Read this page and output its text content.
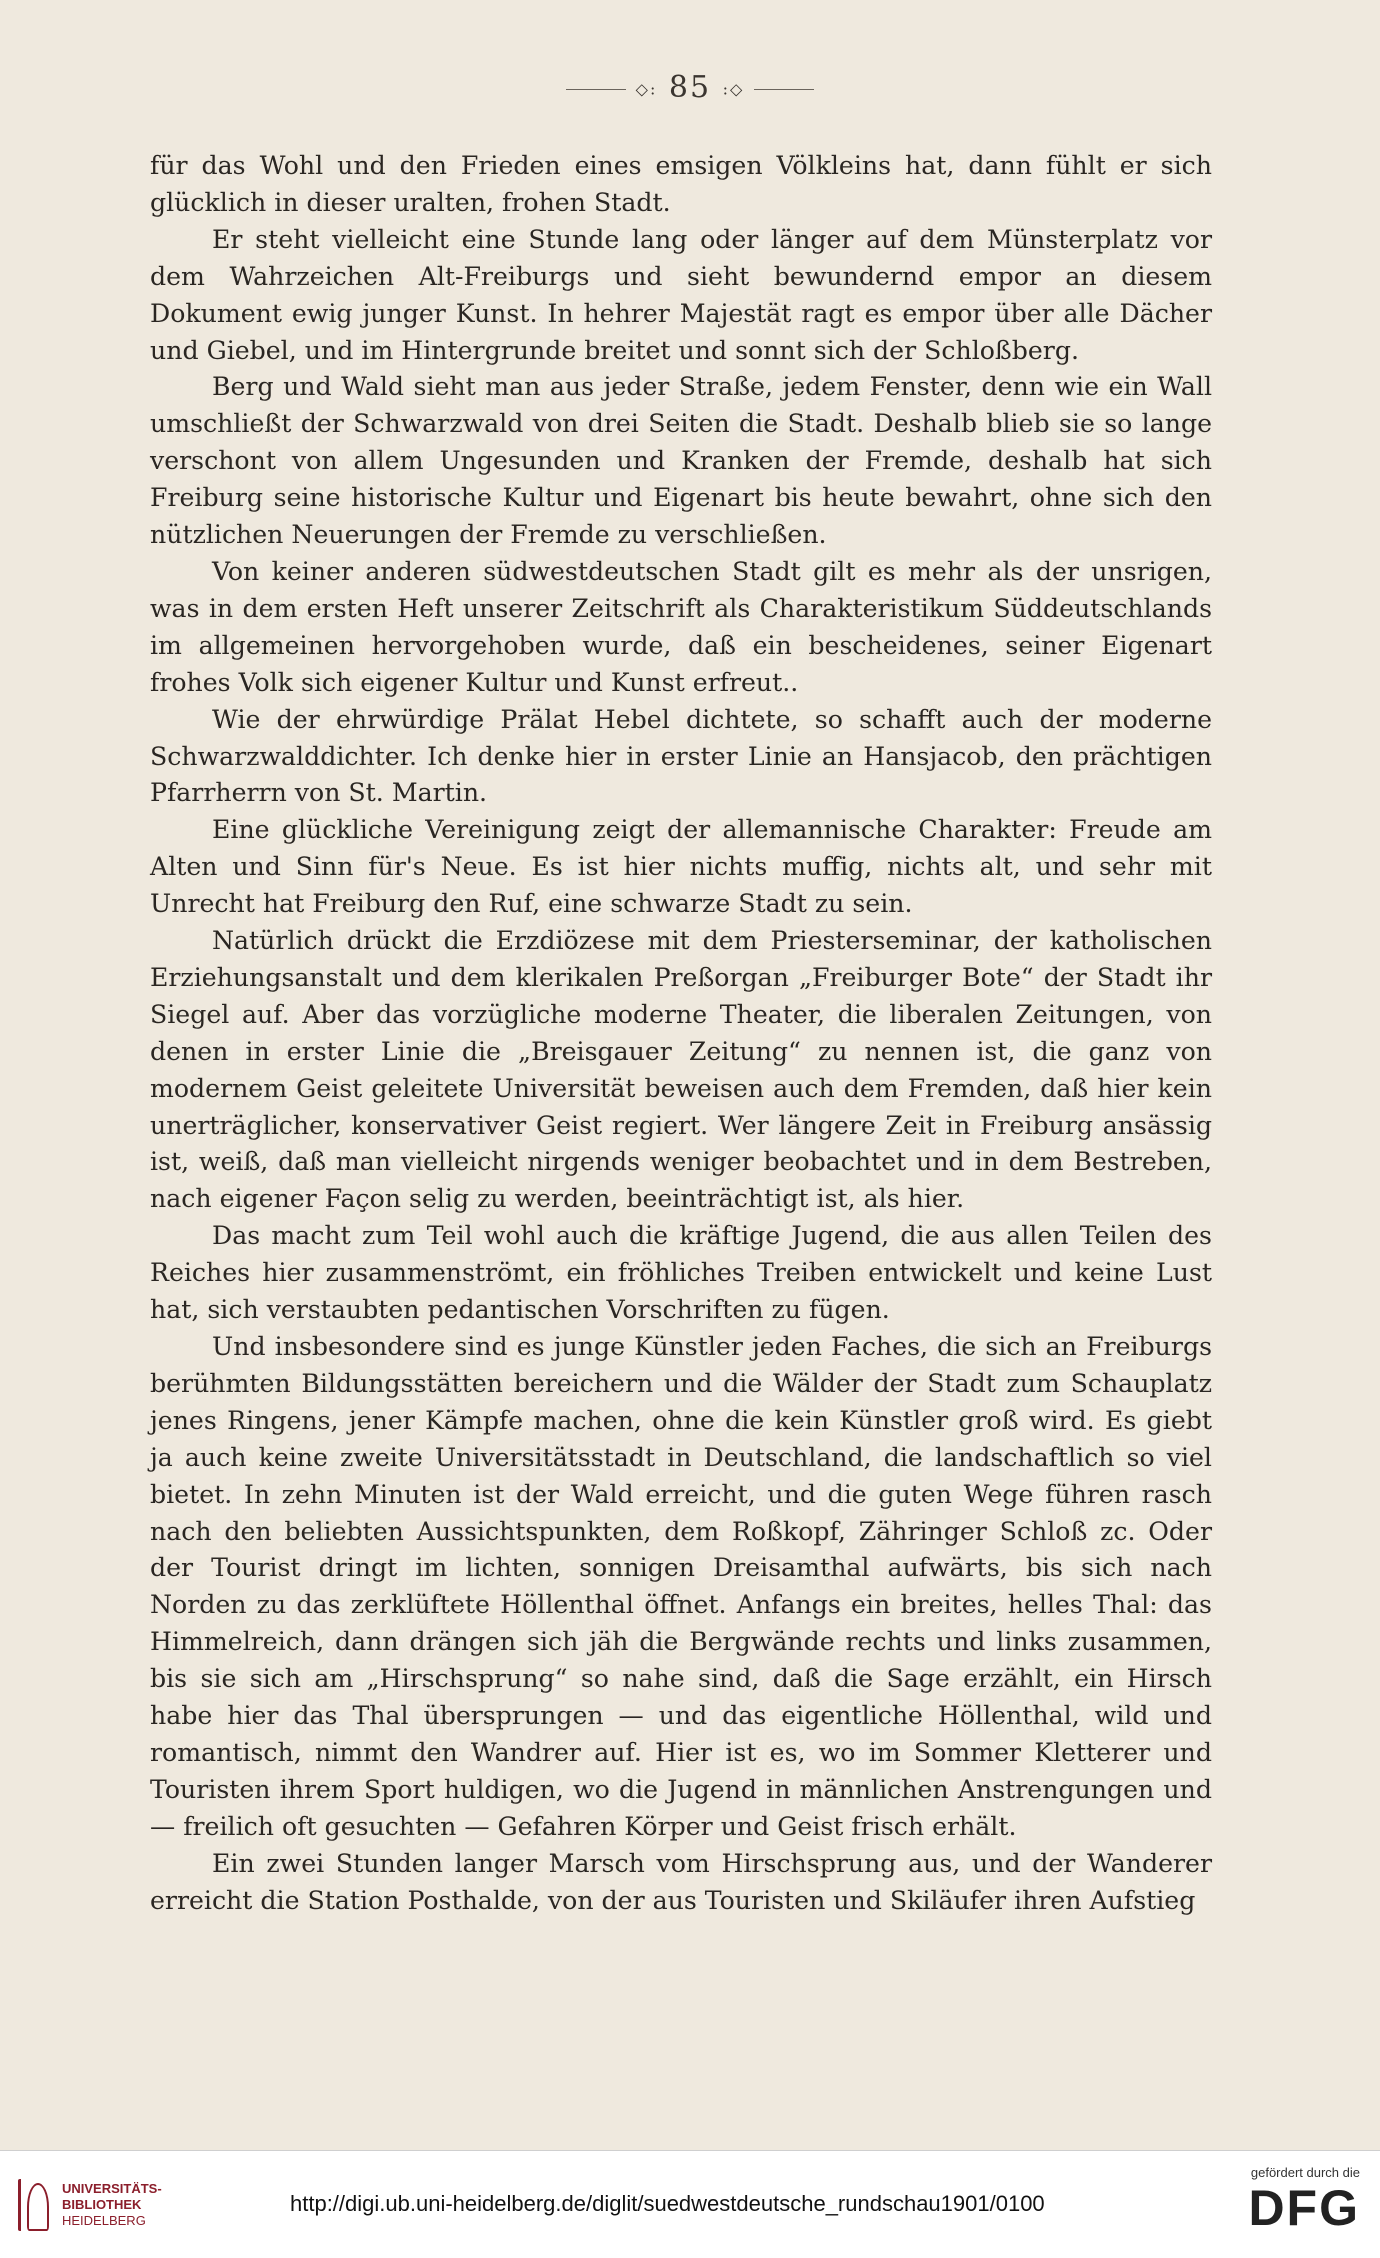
◇: 85 :◇

für das Wohl und den Frieden eines emsigen Völkleins hat, dann fühlt er sich glücklich in dieser uralten, frohen Stadt.

Er steht vielleicht eine Stunde lang oder länger auf dem Münsterplatz vor dem Wahrzeichen Alt-Freiburgs und sieht bewundernd empor an diesem Dokument ewig junger Kunst. In hehrer Majestät ragt es empor über alle Dächer und Giebel, und im Hintergrunde breitet und sonnt sich der Schloßberg.

Berg und Wald sieht man aus jeder Straße, jedem Fenster, denn wie ein Wall umschließt der Schwarzwald von drei Seiten die Stadt. Deshalb blieb sie so lange verschont von allem Ungesunden und Kranken der Fremde, deshalb hat sich Freiburg seine historische Kultur und Eigenart bis heute bewahrt, ohne sich den nützlichen Neuerungen der Fremde zu verschließen.

Von keiner anderen südwestdeutschen Stadt gilt es mehr als der unsrigen, was in dem ersten Heft unserer Zeitschrift als Charakteristikum Süddeutschlands im allgemeinen hervorgehoben wurde, daß ein bescheidenes, seiner Eigenart frohes Volk sich eigener Kultur und Kunst erfreut..

Wie der ehrwürdige Prälat Hebel dichtete, so schafft auch der moderne Schwarzwalddichter. Ich denke hier in erster Linie an Hansjacob, den prächtigen Pfarrherrn von St. Martin.

Eine glückliche Vereinigung zeigt der allemannische Charakter: Freude am Alten und Sinn für's Neue. Es ist hier nichts muffig, nichts alt, und sehr mit Unrecht hat Freiburg den Ruf, eine schwarze Stadt zu sein.

Natürlich drückt die Erzdiözese mit dem Priesterseminar, der katholischen Erziehungsanstalt und dem klerikalen Preßorgan „Freiburger Bote“ der Stadt ihr Siegel auf. Aber das vorzügliche moderne Theater, die liberalen Zeitungen, von denen in erster Linie die „Breisgauer Zeitung“ zu nennen ist, die ganz von modernem Geist geleitete Universität beweisen auch dem Fremden, daß hier kein unerträglicher, konservativer Geist regiert. Wer längere Zeit in Freiburg ansässig ist, weiß, daß man vielleicht nirgends weniger beobachtet und in dem Bestreben, nach eigener Façon selig zu werden, beeinträchtigt ist, als hier.

Das macht zum Teil wohl auch die kräftige Jugend, die aus allen Teilen des Reiches hier zusammenströmt, ein fröhliches Treiben entwickelt und keine Lust hat, sich verstaubten pedantischen Vorschriften zu fügen.

Und insbesondere sind es junge Künstler jeden Faches, die sich an Freiburgs berühmten Bildungsstätten bereichern und die Wälder der Stadt zum Schauplatz jenes Ringens, jener Kämpfe machen, ohne die kein Künstler groß wird. Es giebt ja auch keine zweite Universitätsstadt in Deutschland, die landschaftlich so viel bietet. In zehn Minuten ist der Wald erreicht, und die guten Wege führen rasch nach den beliebten Aussichtspunkten, dem Roßkopf, Zähringer Schloß zc. Oder der Tourist dringt im lichten, sonnigen Dreisamthal aufwärts, bis sich nach Norden zu das zerklüftete Höllenthal öffnet. Anfangs ein breites, helles Thal: das Himmelreich, dann drängen sich jäh die Bergwände rechts und links zusammen, bis sie sich am „Hirschsprung“ so nahe sind, daß die Sage erzählt, ein Hirsch habe hier das Thal übersprungen — und das eigentliche Höllenthal, wild und romantisch, nimmt den Wandrer auf. Hier ist es, wo im Sommer Kletterer und Touristen ihrem Sport huldigen, wo die Jugend in männlichen Anstrengungen und — freilich oft gesuchten — Gefahren Körper und Geist frisch erhält.

Ein zwei Stunden langer Marsch vom Hirschsprung aus, und der Wanderer erreicht die Station Posthalde, von der aus Touristen und Skiläufer ihren Aufstieg

UNIVERSITÄTS-
BIBLIOTHEK
HEIDELBERG
http://digi.ub.uni-heidelberg.de/diglit/suedwestdeutsche_rundschau1901/0100
gefördert durch die
DFG
